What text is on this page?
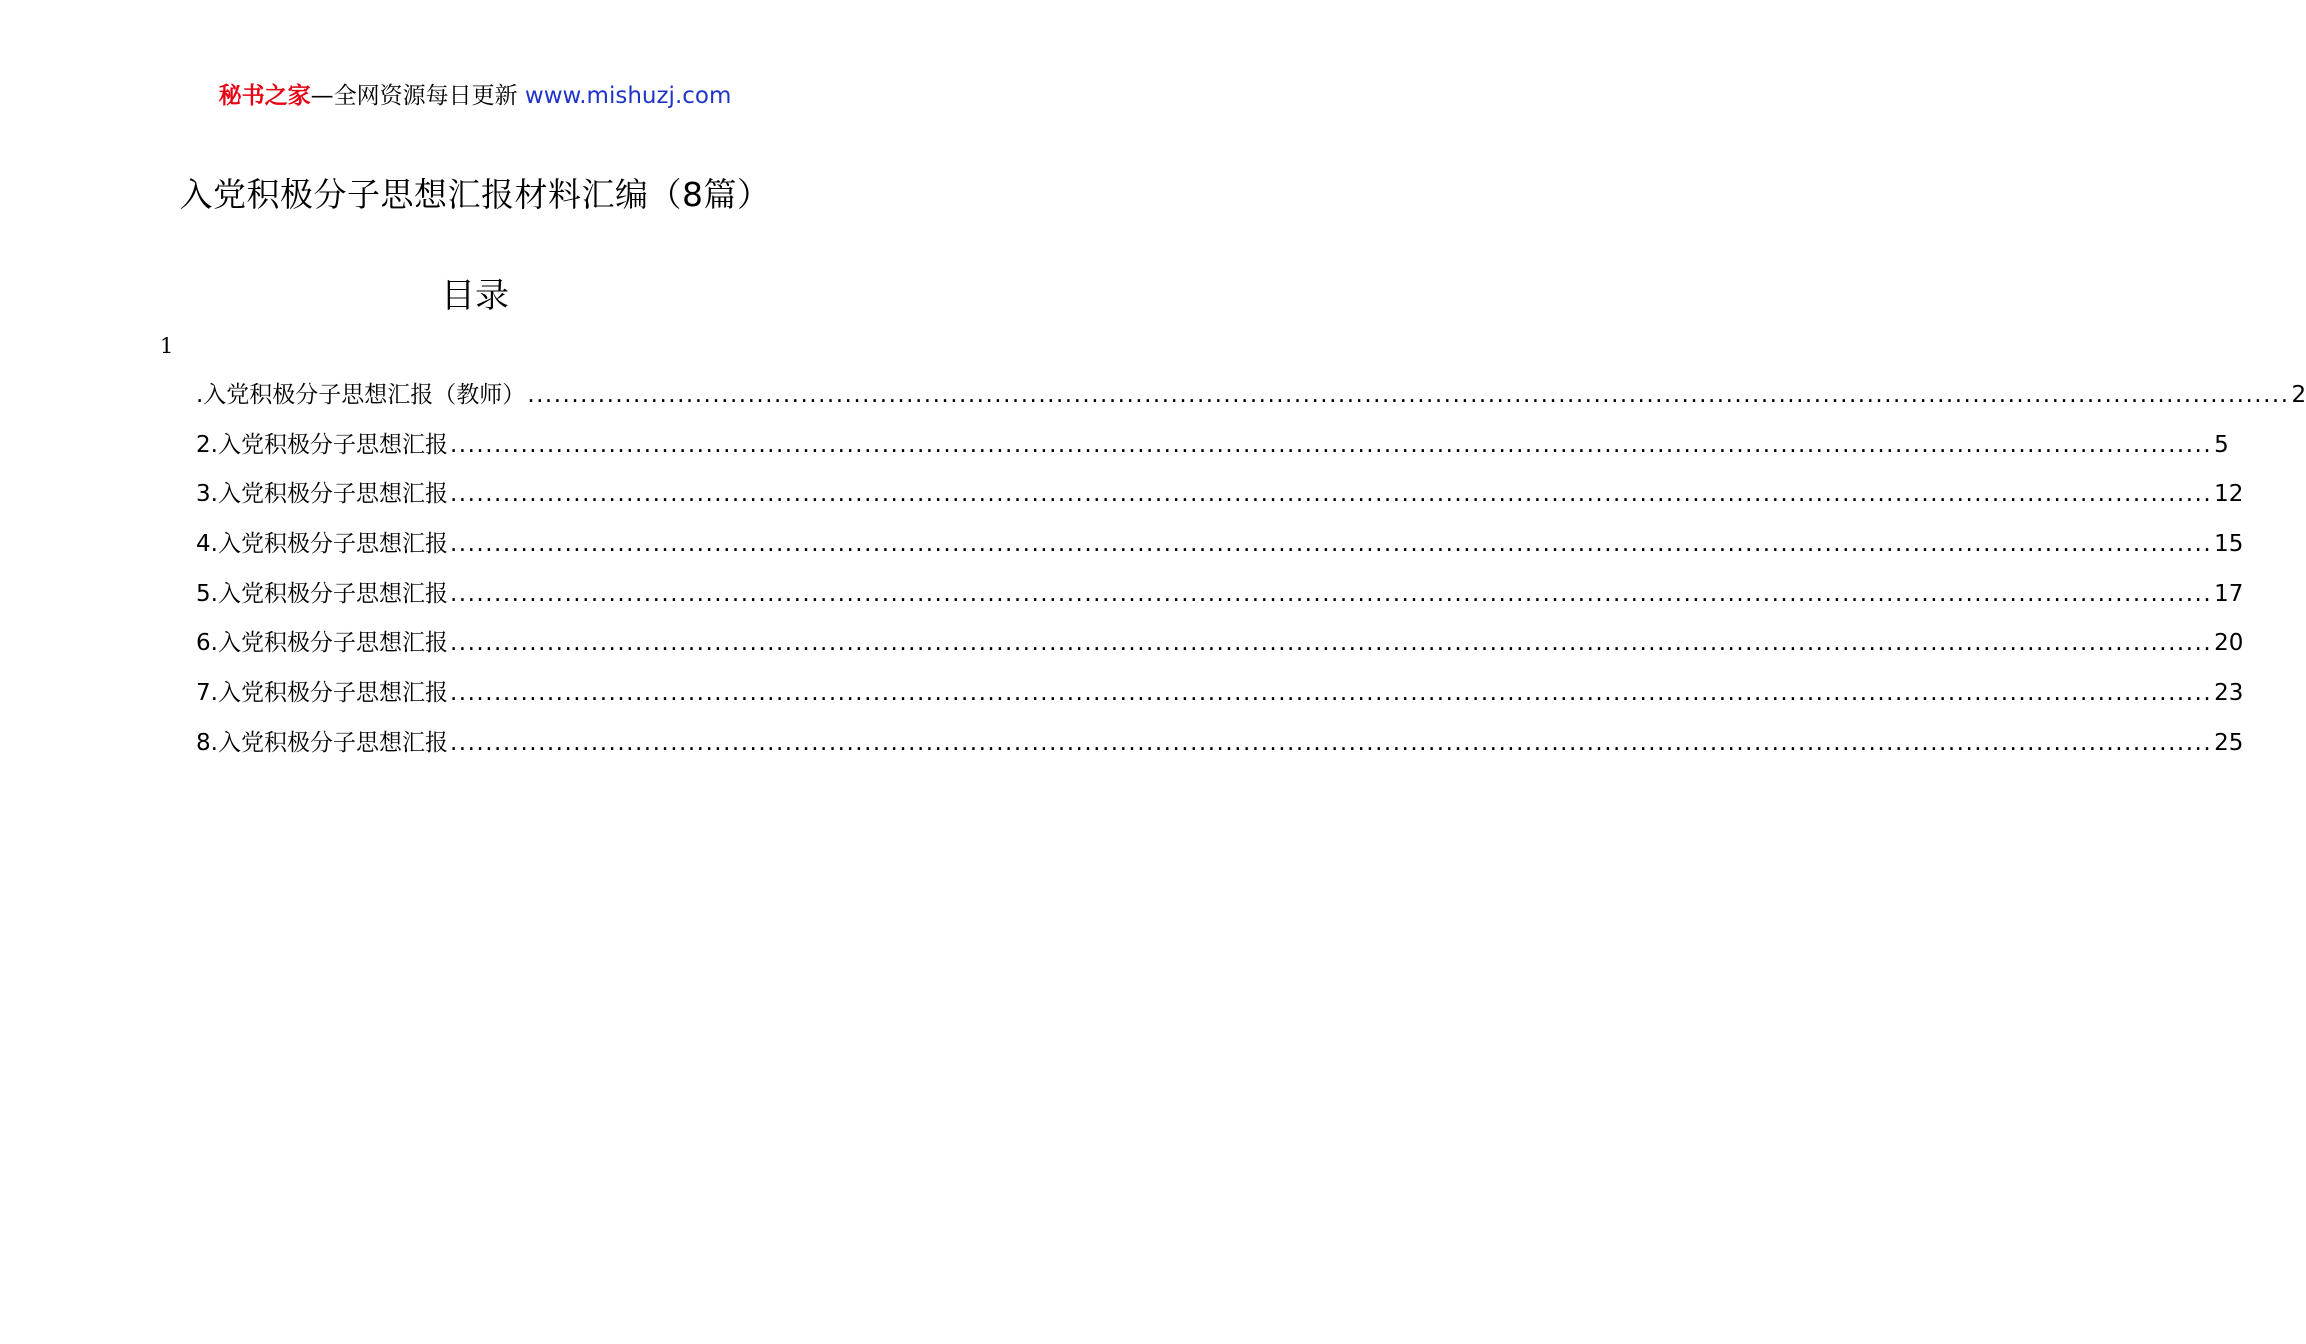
秘书之家—全网资源每日更新 www.mishuzj.com
入党积极分子思想汇报材料汇编（8篇）
目录
1
.入党积极分子思想汇报（教师） ........................................................................................................................................................................................................ 2
2.入党积极分子思想汇报 ........................................................................................................................................................................................................ 5
3.入党积极分子思想汇报 ........................................................................................................................................................................................................ 12
4.入党积极分子思想汇报 ........................................................................................................................................................................................................ 15
5.入党积极分子思想汇报 ........................................................................................................................................................................................................ 17
6.入党积极分子思想汇报 ........................................................................................................................................................................................................ 20
7.入党积极分子思想汇报 ........................................................................................................................................................................................................ 23
8.入党积极分子思想汇报 ........................................................................................................................................................................................................ 25
